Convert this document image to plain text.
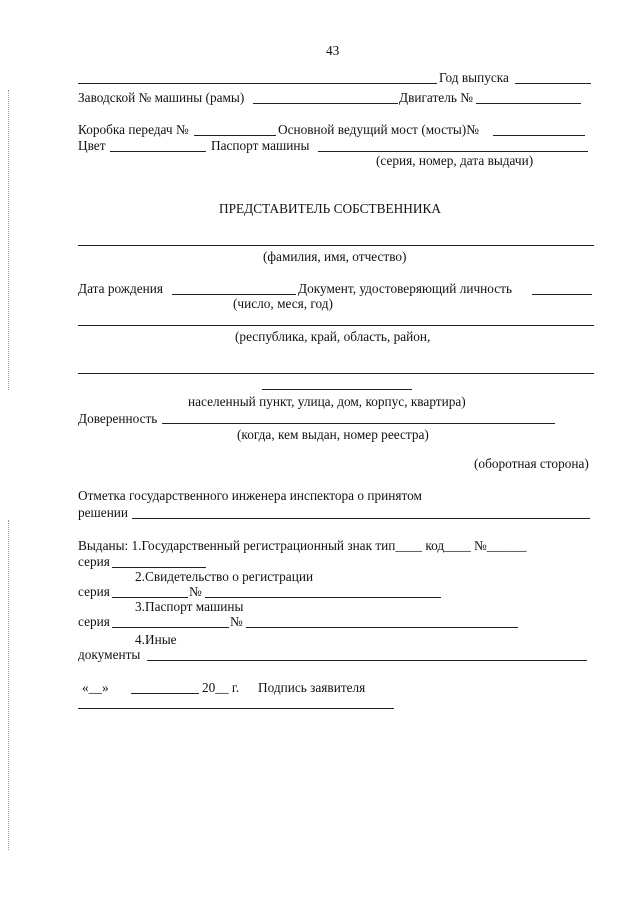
43
Год выпуска
Заводской № машины (рамы)	Двигатель №
Коробка передач №	Основной ведущий мост (мосты)№
Цвет	Паспорт машины
(серия, номер, дата выдачи)
ПРЕДСТАВИТЕЛЬ СОБСТВЕННИКА
(фамилия, имя, отчество)
Дата рождения	Документ, удостоверяющий личность
(число, меся, год)
(республика, край, область, район,
населенный пункт, улица, дом, корпус, квартира)
Доверенность
(когда, кем выдан, номер реестра)
(оборотная сторона)
Отметка государственного инженера инспектора о принятом
решении
Выданы: 1.Государственный регистрационный знак тип____ код____ №______
серия
2.Свидетельство о регистрации
серия	№
3.Паспорт машины
серия	№
4.Иные
документы
«__»	20__ г. Подпись заявителя
